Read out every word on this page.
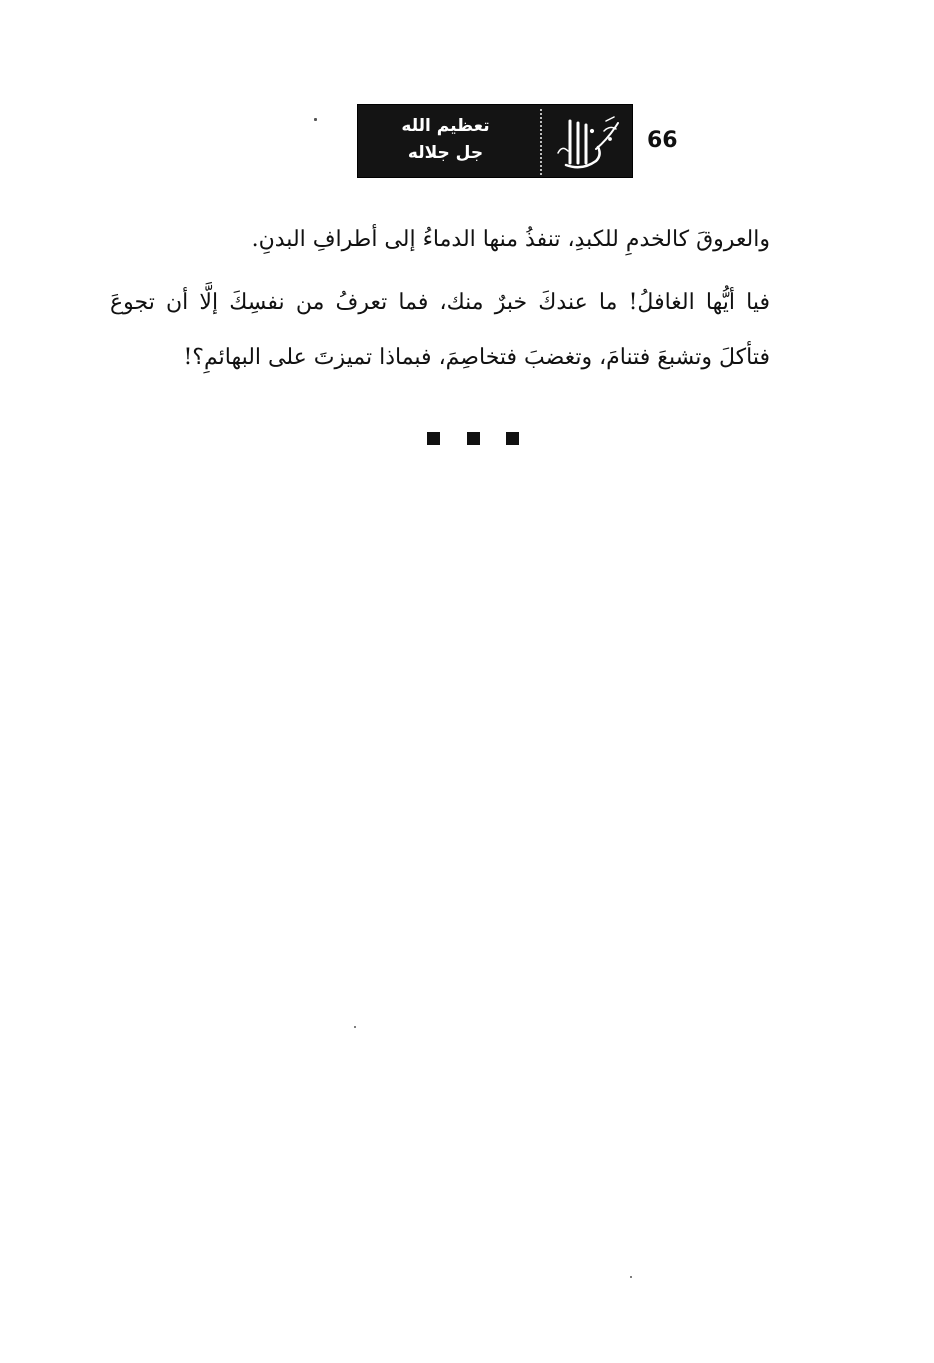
تعظيم الله
جل جلاله	66

والعروقَ كالخدمِ للكبدِ، تنفذُ منها الدماءُ إلى أطرافِ البدنِ.

فيا أيُّها الغافلُ! ما عندكَ خبرٌ منك، فما تعرفُ من نفسِكَ إلَّا أن تجوعَ فتأكلَ وتشبعَ فتنامَ، وتغضبَ فتخاصِمَ، فبماذا تميزتَ على البهائمِ؟!
